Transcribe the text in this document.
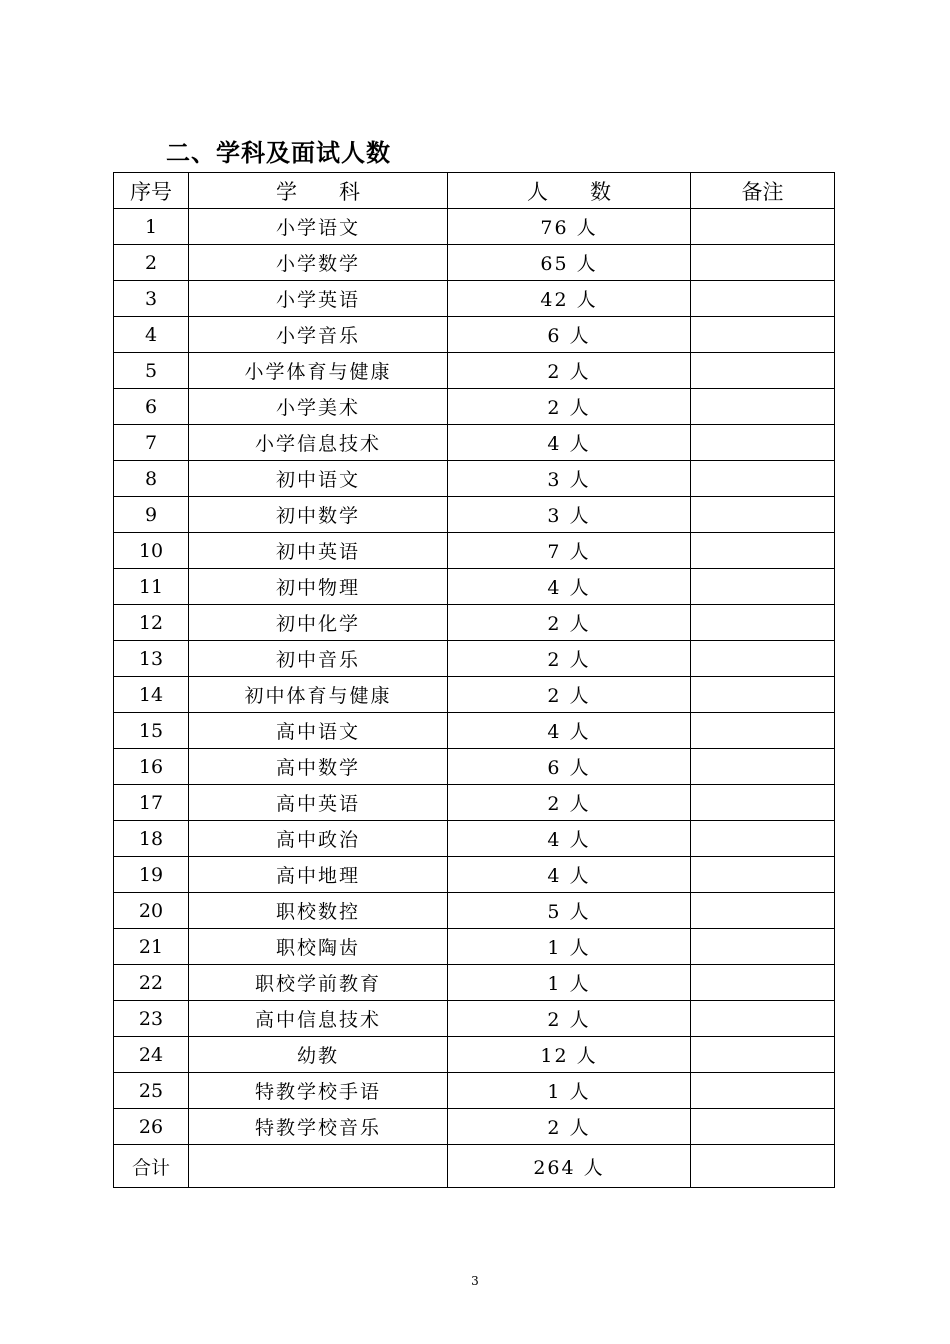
二、学科及面试人数
序号	学　　科	人　　数	备注
1	小学语文	76 人	
2	小学数学	65 人	
3	小学英语	42 人	
4	小学音乐	6 人	
5	小学体育与健康	2 人	
6	小学美术	2 人	
7	小学信息技术	4 人	
8	初中语文	3 人	
9	初中数学	3 人	
10	初中英语	7 人	
11	初中物理	4 人	
12	初中化学	2 人	
13	初中音乐	2 人	
14	初中体育与健康	2 人	
15	高中语文	4 人	
16	高中数学	6 人	
17	高中英语	2 人	
18	高中政治	4 人	
19	高中地理	4 人	
20	职校数控	5 人	
21	职校陶齿	1 人	
22	职校学前教育	1 人	
23	高中信息技术	2 人	
24	幼教	12 人	
25	特教学校手语	1 人	
26	特教学校音乐	2 人	
合计		264 人	
3
